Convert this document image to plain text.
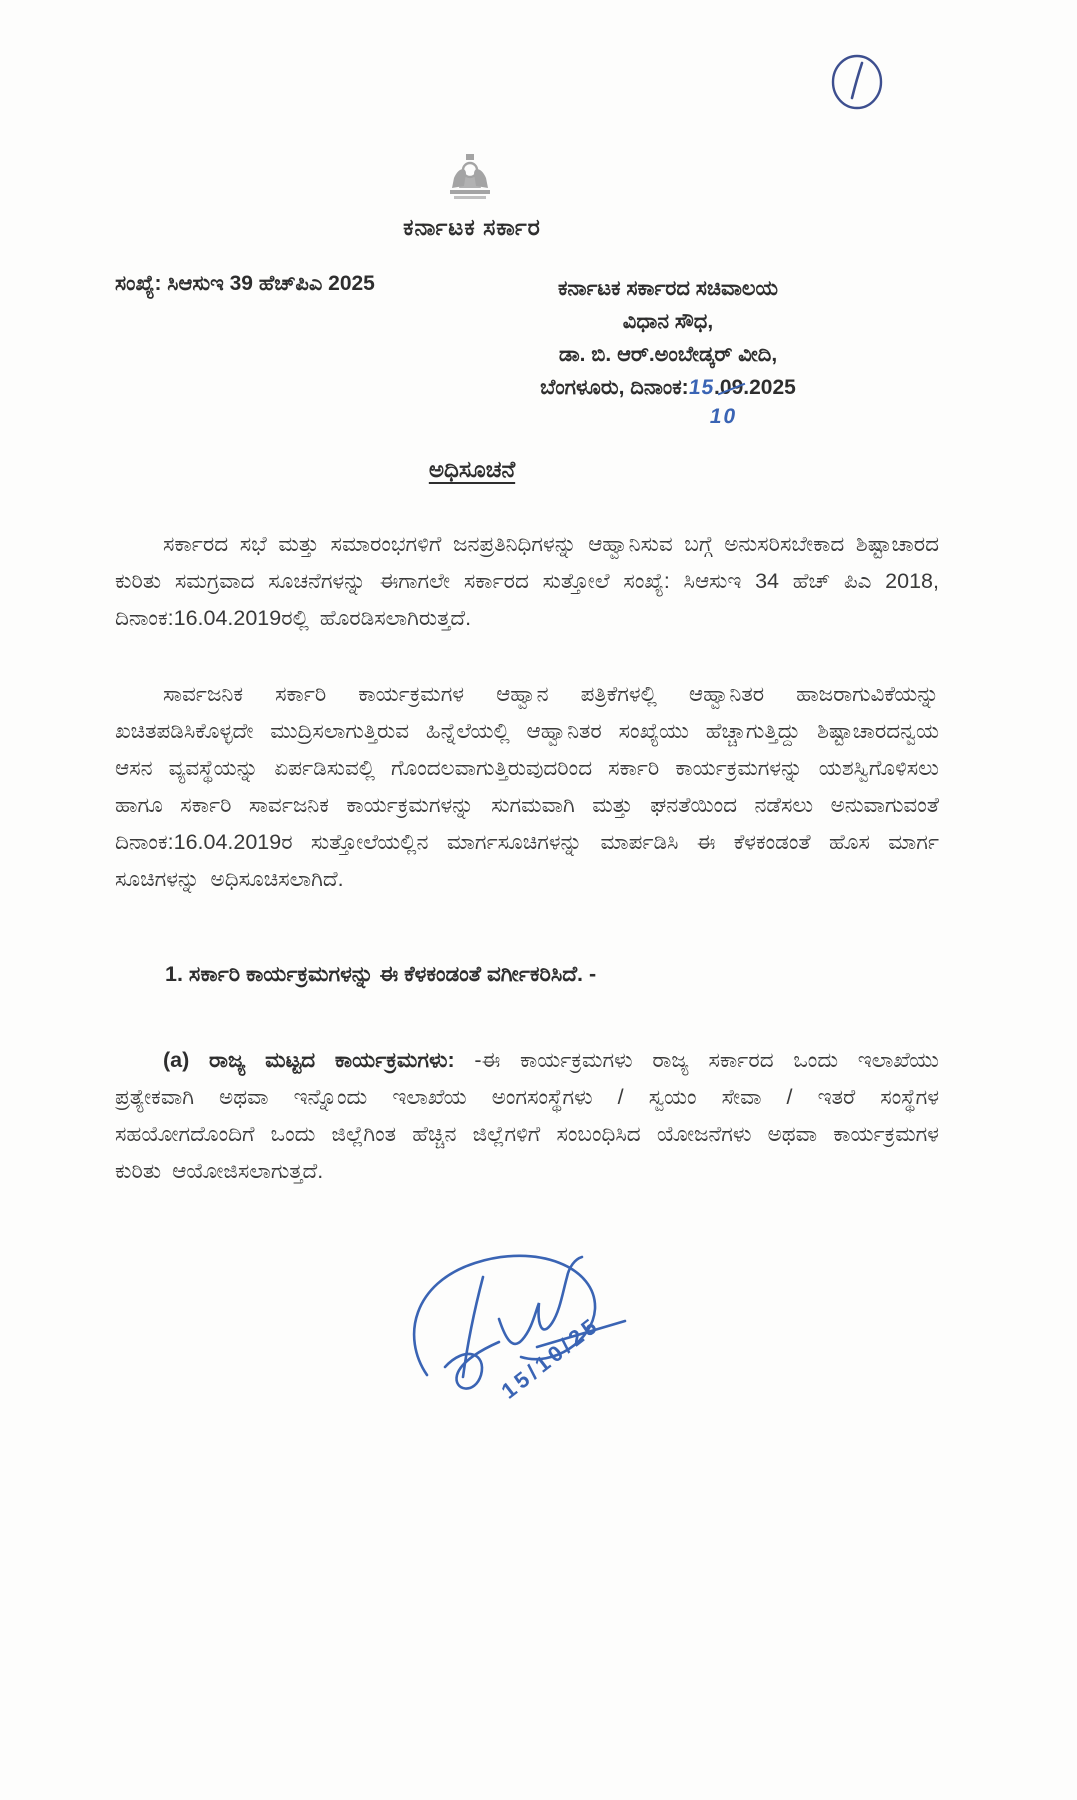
ಕರ್ನಾಟಕ ಸರ್ಕಾರ
ಸಂಖ್ಯೆ: ಸಿಆಸುಇ 39 ಹೆಚ್‌ಪಿಎ 2025	ಕರ್ನಾಟಕ ಸರ್ಕಾರದ ಸಚಿವಾಲಯ
ವಿಧಾನ ಸೌಧ,
ಡಾ. ಬಿ. ಆರ್.ಅಂಬೇಡ್ಕರ್ ವೀದಿ,
ಬೆಂಗಳೂರು, ದಿನಾಂಕ:15.09.2025
10
ಅಧಿಸೂಚನೆ

ಸರ್ಕಾರದ ಸಭೆ ಮತ್ತು ಸಮಾರಂಭಗಳಿಗೆ ಜನಪ್ರತಿನಿಧಿಗಳನ್ನು ಆಹ್ವಾನಿಸುವ ಬಗ್ಗೆ ಅನುಸರಿಸಬೇಕಾದ ಶಿಷ್ಟಾಚಾರದ ಕುರಿತು ಸಮಗ್ರವಾದ ಸೂಚನೆಗಳನ್ನು ಈಗಾಗಲೇ ಸರ್ಕಾರದ ಸುತ್ತೋಲೆ ಸಂಖ್ಯೆ: ಸಿಆಸುಇ 34 ಹೆಚ್ ಪಿಎ 2018, ದಿನಾಂಕ:16.04.2019ರಲ್ಲಿ ಹೊರಡಿಸಲಾಗಿರುತ್ತದೆ.

ಸಾರ್ವಜನಿಕ ಸರ್ಕಾರಿ ಕಾರ್ಯಕ್ರಮಗಳ ಆಹ್ವಾನ ಪತ್ರಿಕೆಗಳಲ್ಲಿ ಆಹ್ವಾನಿತರ ಹಾಜರಾಗುವಿಕೆಯನ್ನು ಖಚಿತಪಡಿಸಿಕೊಳ್ಳದೇ ಮುದ್ರಿಸಲಾಗುತ್ತಿರುವ ಹಿನ್ನೆಲೆಯಲ್ಲಿ ಆಹ್ವಾನಿತರ ಸಂಖ್ಯೆಯು ಹೆಚ್ಚಾಗುತ್ತಿದ್ದು ಶಿಷ್ಟಾಚಾರದನ್ವಯ ಆಸನ ವ್ಯವಸ್ಥೆಯನ್ನು ಏರ್ಪಡಿಸುವಲ್ಲಿ ಗೊಂದಲವಾಗುತ್ತಿರುವುದರಿಂದ ಸರ್ಕಾರಿ ಕಾರ್ಯಕ್ರಮಗಳನ್ನು ಯಶಸ್ವಿಗೊಳಿಸಲು ಹಾಗೂ ಸರ್ಕಾರಿ ಸಾರ್ವಜನಿಕ ಕಾರ್ಯಕ್ರಮಗಳನ್ನು ಸುಗಮವಾಗಿ ಮತ್ತು ಘನತೆಯಿಂದ ನಡೆಸಲು ಅನುವಾಗುವಂತೆ ದಿನಾಂಕ:16.04.2019ರ ಸುತ್ತೋಲೆಯಲ್ಲಿನ ಮಾರ್ಗಸೂಚಿಗಳನ್ನು ಮಾರ್ಪಡಿಸಿ ಈ ಕೆಳಕಂಡಂತೆ ಹೊಸ ಮಾರ್ಗ ಸೂಚಿಗಳನ್ನು ಅಧಿಸೂಚಿಸಲಾಗಿದೆ.

1. ಸರ್ಕಾರಿ ಕಾರ್ಯಕ್ರಮಗಳನ್ನು ಈ ಕೆಳಕಂಡಂತೆ ವರ್ಗೀಕರಿಸಿದೆ. -

(a) ರಾಜ್ಯ ಮಟ್ಟದ ಕಾರ್ಯಕ್ರಮಗಳು: -ಈ ಕಾರ್ಯಕ್ರಮಗಳು ರಾಜ್ಯ ಸರ್ಕಾರದ ಒಂದು ಇಲಾಖೆಯು ಪ್ರತ್ಯೇಕವಾಗಿ ಅಥವಾ ಇನ್ನೊಂದು ಇಲಾಖೆಯ ಅಂಗಸಂಸ್ಥೆಗಳು / ಸ್ವಯಂ ಸೇವಾ / ಇತರೆ ಸಂಸ್ಥೆಗಳ ಸಹಯೋಗದೊಂದಿಗೆ ಒಂದು ಜಿಲ್ಲೆಗಿಂತ ಹೆಚ್ಚಿನ ಜಿಲ್ಲೆಗಳಿಗೆ ಸಂಬಂಧಿಸಿದ ಯೋಜನೆಗಳು ಅಥವಾ ಕಾರ್ಯಕ್ರಮಗಳ ಕುರಿತು ಆಯೋಜಿಸಲಾಗುತ್ತದೆ.

15/10/25
